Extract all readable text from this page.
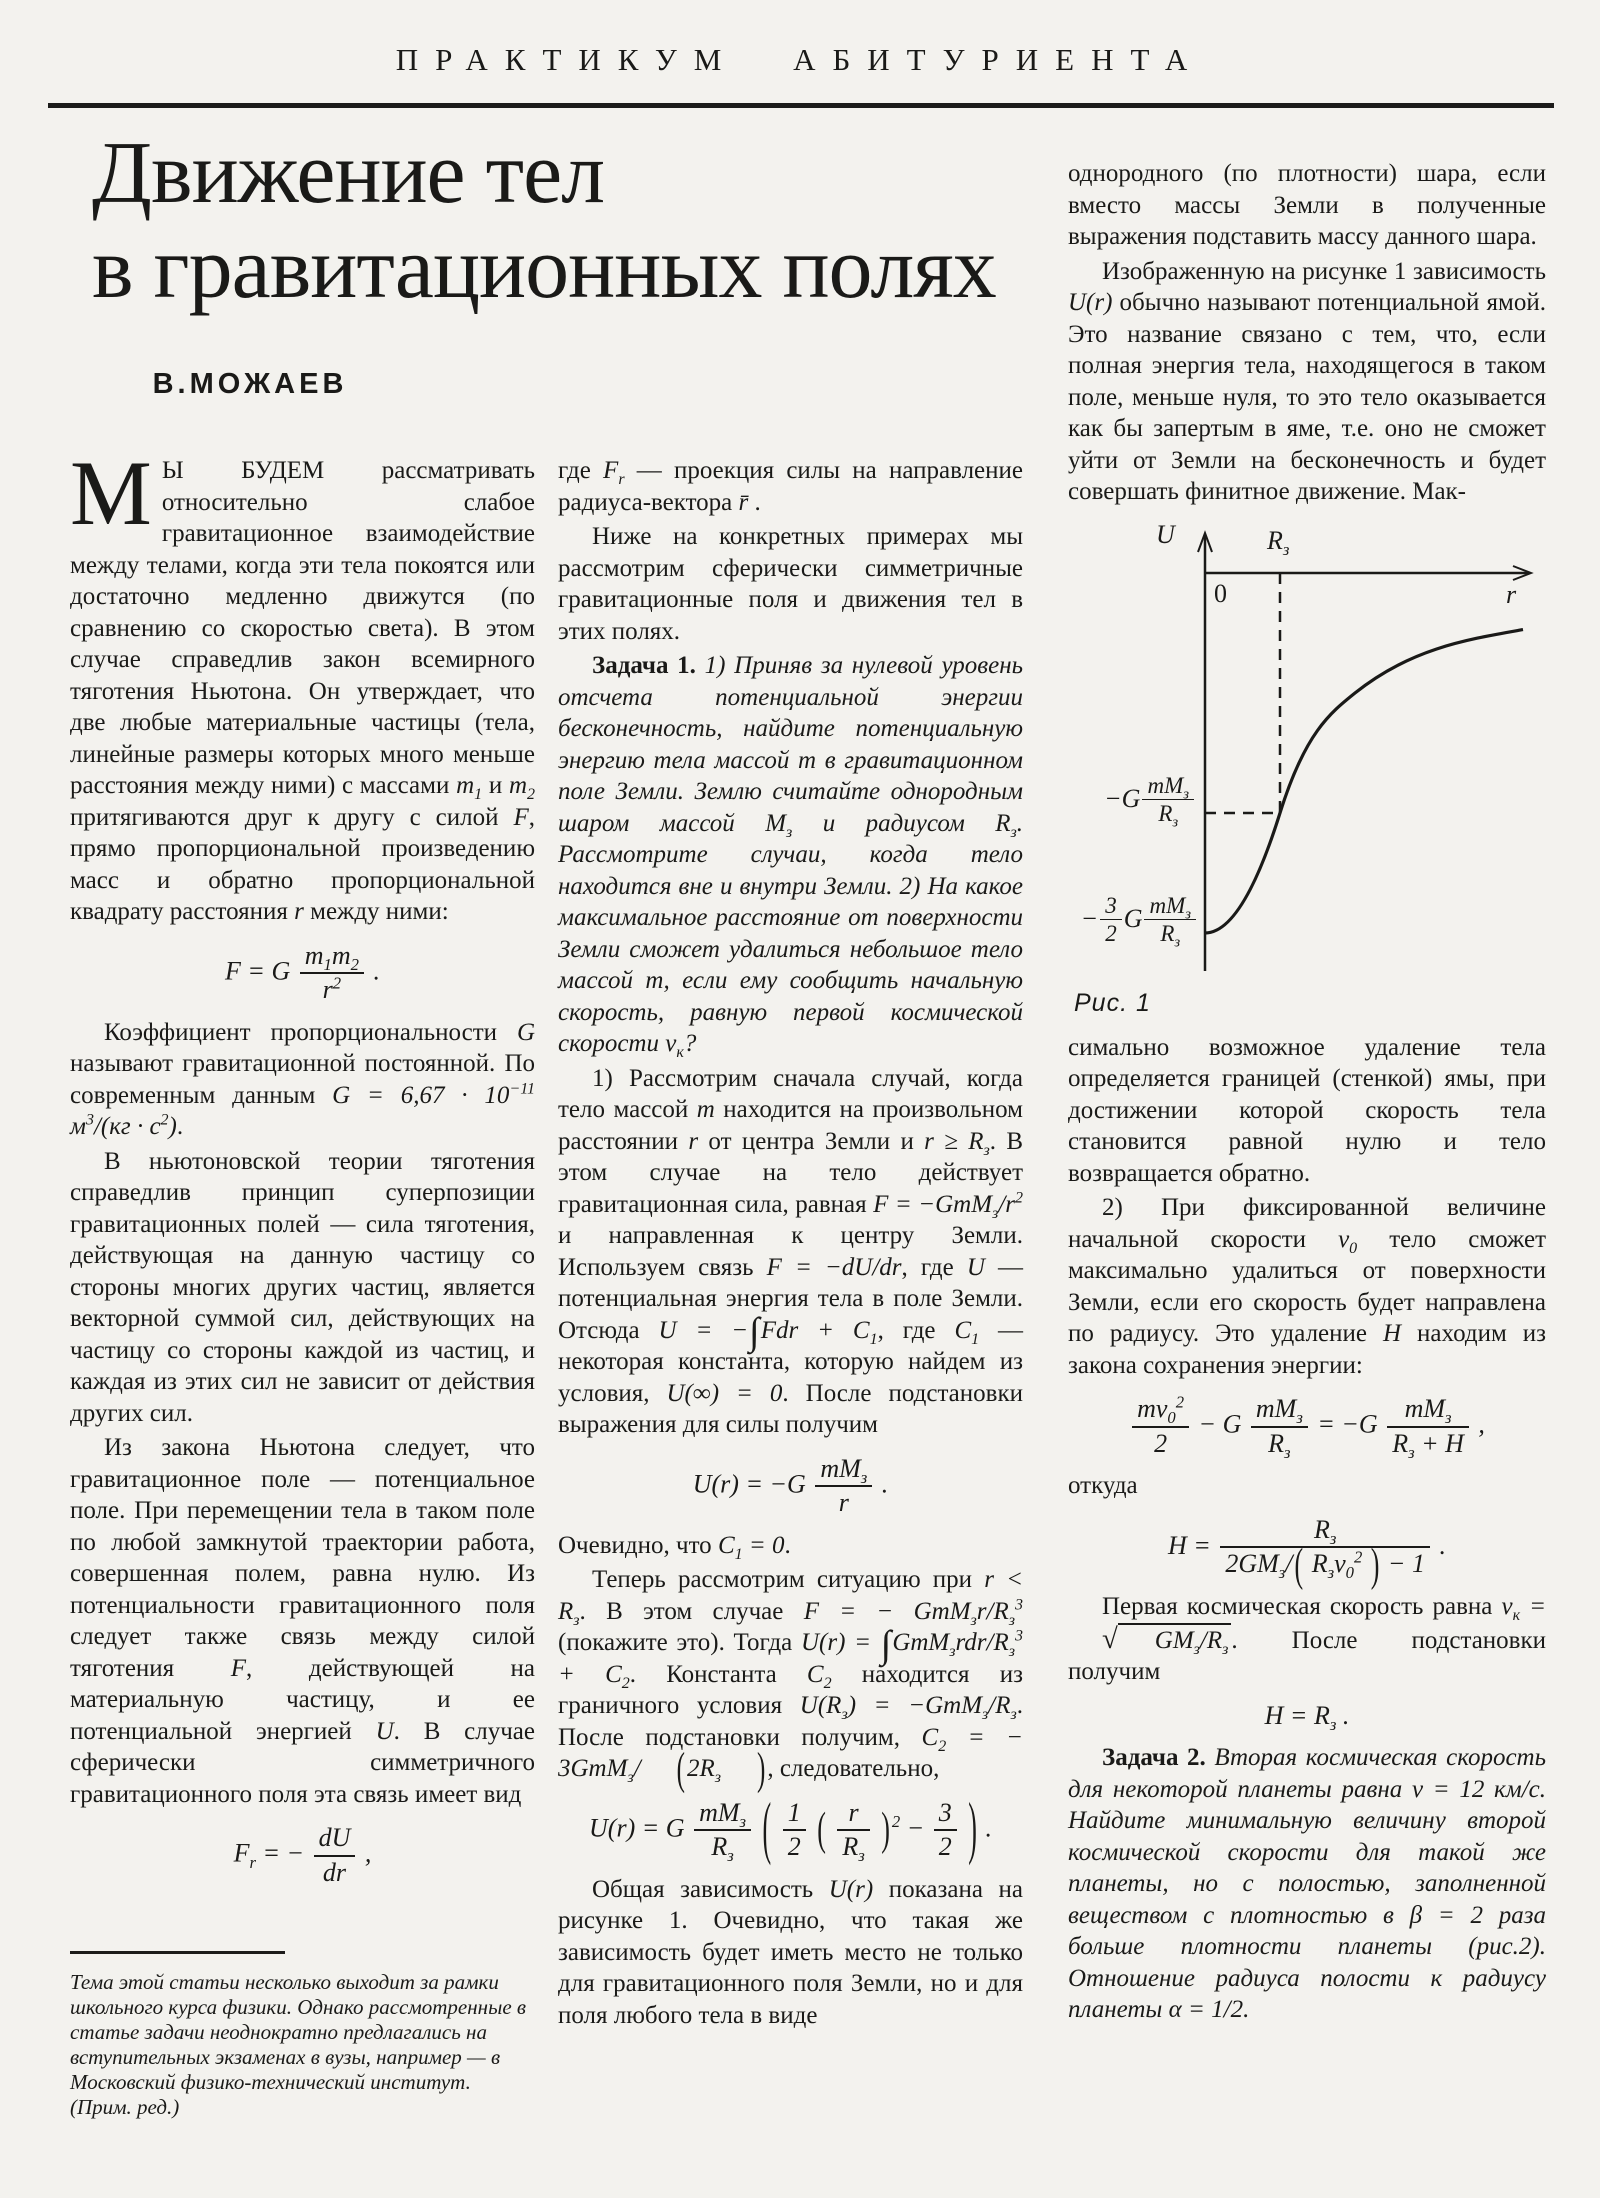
ПРАКТИКУМ АБИТУРИЕНТА
Движение тел
в гравитационных полях
В.МОЖАЕВ

М Ы БУДЕМ рассматривать относительно слабое гравитационное взаимодействие между телами, когда эти тела покоятся или достаточно медленно движутся (по сравнению со скоростью света). В этом случае справедлив закон всемирного тяготения Ньютона. Он утверждает, что две любые материальные частицы (тела, линейные размеры которых много меньше расстояния между ними) с массами $m_1$ и $m_2$ притягиваются друг к другу с силой F, прямо пропорциональной произведению масс и обратно пропорциональной квадрату расстояния r между ними:

F = G $\frac{m_1m_2}{r^2}$ .

Коэффициент пропорциональности G называют гравитационной постоянной. По современным данным $G = 6,67 \cdot 10^{-11}$ $м^3/(кг \cdot с^2)$.

В ньютоновской теории тяготения справедлив принцип суперпозиции гравитационных полей — сила тяготения, действующая на данную частицу со стороны многих других частиц, является векторной суммой сил, действующих на частицу со стороны каждой из частиц, и каждая из этих сил не зависит от действия других сил.

Из закона Ньютона следует, что гравитационное поле — потенциальное поле. При перемещении тела в таком поле по любой замкнутой траектории работа, совершенная полем, равна нулю. Из потенциальности гравитационного поля следует также связь между силой тяготения F, действующей на материальную частицу, и ее потенциальной энергией U. В случае сферически симметричного гравитационного поля эта связь имеет вид

$F_r$ = − $\frac{dU}{dr}$ ,

Тема этой статьи несколько выходит за рамки школьного курса физики. Однако рассмотренные в статье задачи неоднократно предлагались на вступительных экзаменах в вузы, например — в Московский физико-технический институт. (Прим. ред.)

где $F_r$ — проекция силы на направление радиуса-вектора r̄ .

Ниже на конкретных примерах мы рассмотрим сферически симметричные гравитационные поля и движения тел в этих полях.

Задача 1. 1) Приняв за нулевой уровень отсчета потенциальной энергии бесконечность, найдите потенциальную энергию тела массой m в гравитационном поле Земли. Землю считайте однородным шаром массой $M_з$ и радиусом $R_з$. Рассмотрите случаи, когда тело находится вне и внутри Земли. 2) На какое максимальное расстояние от поверхности Земли сможет удалиться небольшое тело массой m, если ему сообщить начальную скорость, равную первой космической скорости $v_к$?

1) Рассмотрим сначала случай, когда тело массой m находится на произвольном расстоянии r от центра Земли и $r \ge R_з$. В этом случае на тело действует гравитационная сила, равная $F = -GmM_з/r^2$ и направленная к центру Земли. Используем связь F = −dU/dr, где U — потенциальная энергия тела в поле Земли. Отсюда $U = -\int Fdr + C_1$, где $C_1$ — некоторая константа, которую найдем из условия, U(∞) = 0. После подстановки выражения для силы получим

$U(r) = -G \frac{mM_з}{r}$ .

Очевидно, что $C_1 = 0$.

Теперь рассмотрим ситуацию при $r < R_з$. В этом случае F = − $GmM_зr/R_з^3$ (покажите это). Тогда $U(r) = \int GmM_зrdr/R_з^3 + C_2$. Константа $C_2$ находится из граничного условия $U(R_з) = -GmM_з/R_з$. После подстановки получим, $C_2$ = − 3GmM$_з$/ ($2R_з$ ), следовательно,

U(r) = G $\frac{mM_з}{R_з}$ ( $\frac{1}{2}$ ( $\frac{r}{R_з}$ ) $^2 - \frac{3}{2}$ ) .

Общая зависимость U(r) показана на рисунке 1. Очевидно, что такая же зависимость будет иметь место не только для гравитационного поля Земли, но и для поля любого тела в виде

однородного (по плотности) шара, если вместо массы Земли в полученные выражения подставить массу данного шара.

Изображенную на рисунке 1 зависимость U(r) обычно называют потенциальной ямой. Это название связано с тем, что, если полная энергия тела, находящегося в таком поле, меньше нуля, то это тело оказывается как бы запертым в яме, т.е. оно не сможет уйти от Земли на бесконечность и будет совершать финитное движение. Мак-

U	$R_з$
0	r
$-G \frac{mM_з}{R_з}$
− $\frac{3}{2}$ G $\frac{mM_з}{R_з}$
Рис. 1

симально возможное удаление тела определяется границей (стенкой) ямы, при достижении которой скорость тела становится равной нулю и тело возвращается обратно.

2) При фиксированной величине начальной скорости $v_0$ тело сможет максимально удалиться от поверхности Земли, если его скорость будет направлена по радиусу. Это удаление H находим из закона сохранения энергии:

$\frac{mv_0^2}{2} - G \frac{mM_з}{R_з} = -G \frac{mM_з}{R_з + H}$ ,

откуда

$H = \frac{R_з}{2GM_з/( R_зv_0^2 ) - 1}$ .

Первая космическая скорость равна $v_к$ =
√	$GM_з/R_з$ . После подстановки получим

$H = R_з$ .

Задача 2. Вторая космическая скорость для некоторой планеты равна v = 12 км/с. Найдите минимальную величину второй космической скорости для такой же планеты, но с полостью, заполненной веществом с плотностью в β = 2 раза больше плотности планеты (рис.2). Отношение радиуса полости к радиусу планеты α = 1/2.
